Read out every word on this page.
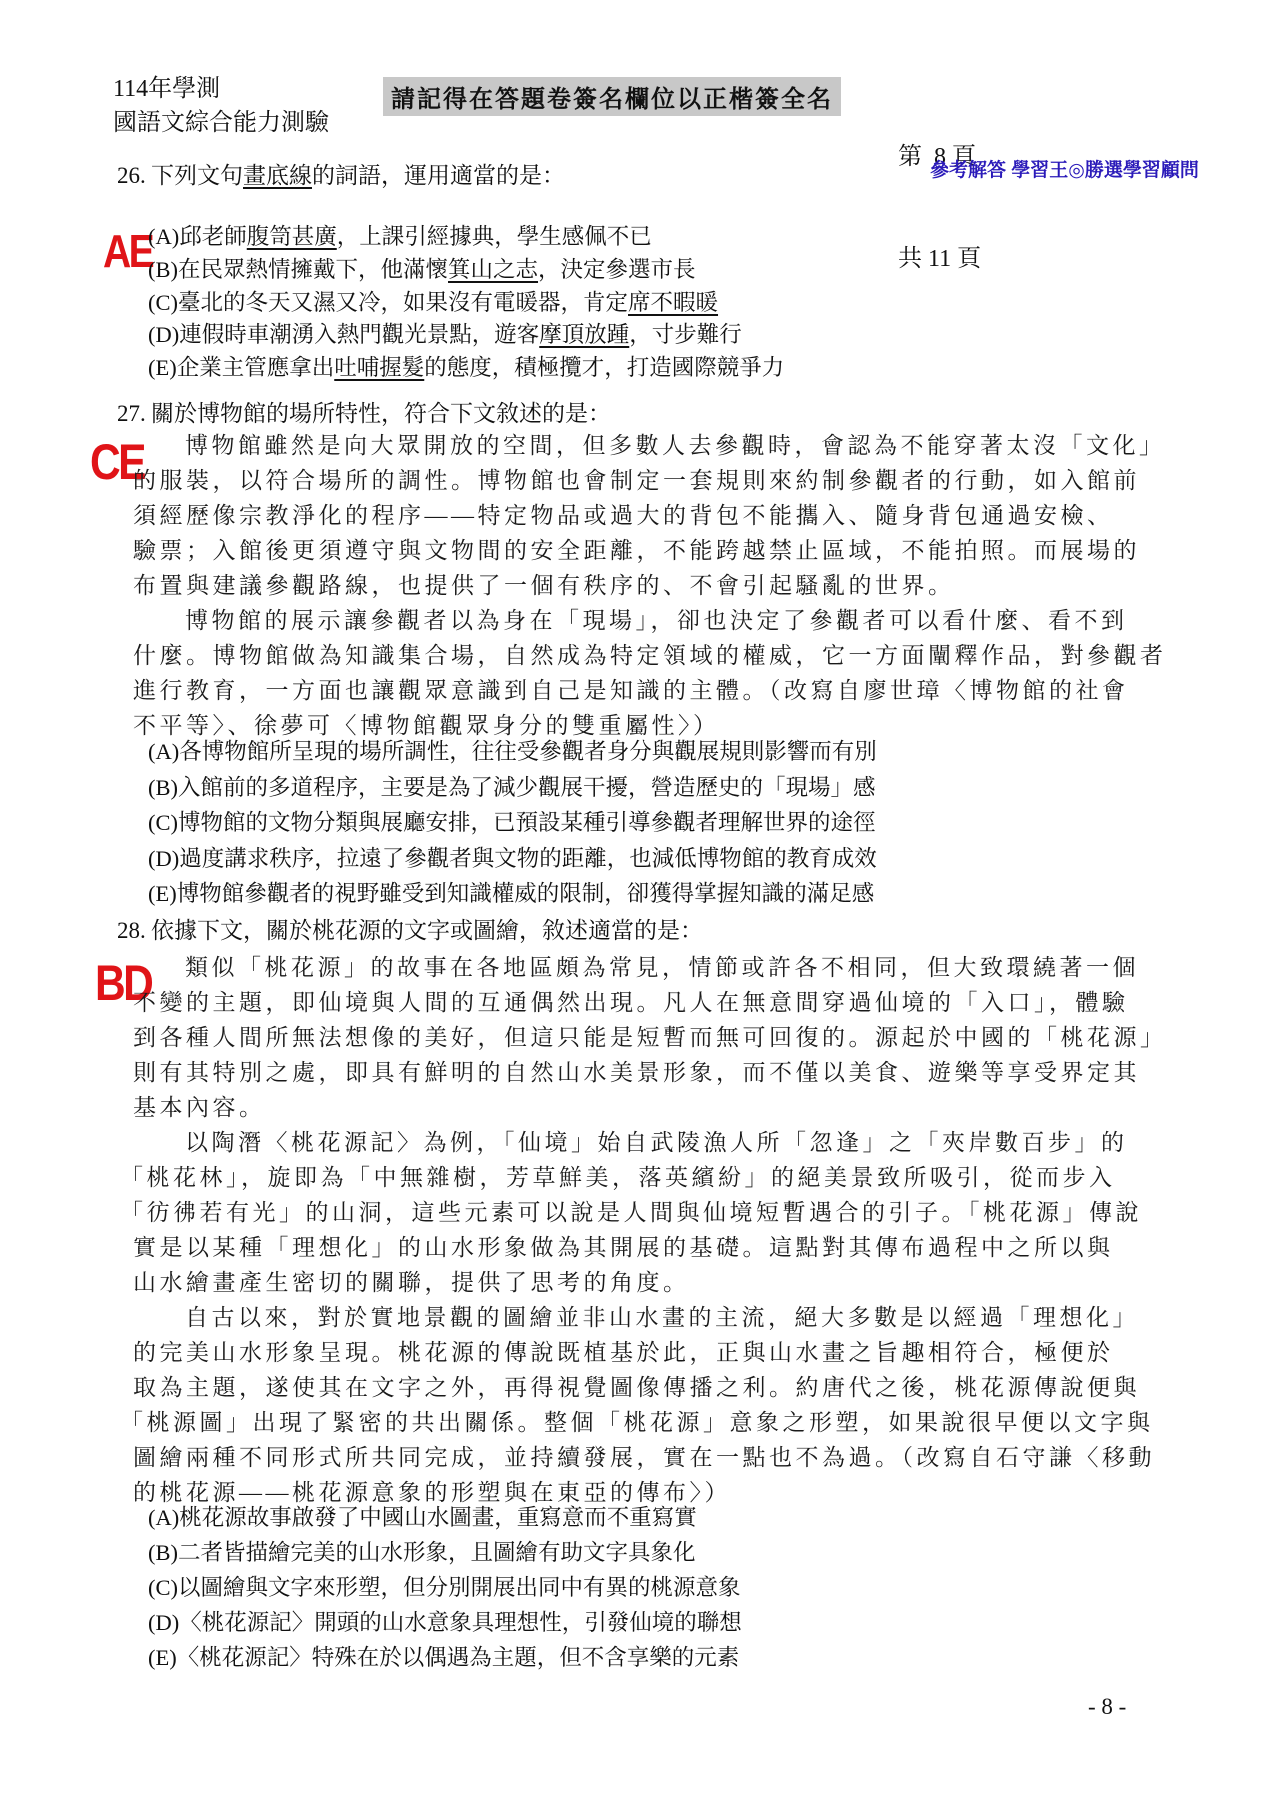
114年學測
國語文綜合能力測驗
請記得在答題卷簽名欄位以正楷簽全名

第  8 頁

共 11 頁

參考解答 學習王◎勝選學習顧問
26. 下列文句畫底線的詞語，運用適當的是：
AE
(A)邱老師腹笥甚廣，上課引經據典，學生感佩不已
(B)在民眾熱情擁戴下，他滿懷箕山之志，決定參選市長
(C)臺北的冬天又濕又冷，如果沒有電暖器，肯定席不暇暖
(D)連假時車潮湧入熱門觀光景點，遊客摩頂放踵，寸步難行
(E)企業主管應拿出吐哺握髮的態度，積極攬才，打造國際競爭力
27. 關於博物館的場所特性，符合下文敘述的是：
CE	博物館雖然是向大眾開放的空間，但多數人去參觀時，會認為不能穿著太沒「文化」
的服裝，以符合場所的調性。博物館也會制定一套規則來約制參觀者的行動，如入館前
須經歷像宗教淨化的程序——特定物品或過大的背包不能攜入、隨身背包通過安檢、
驗票；入館後更須遵守與文物間的安全距離，不能跨越禁止區域，不能拍照。而展場的
布置與建議參觀路線，也提供了一個有秩序的、不會引起騷亂的世界。
博物館的展示讓參觀者以為身在「現場」，卻也決定了參觀者可以看什麼、看不到
什麼。博物館做為知識集合場，自然成為特定領域的權威，它一方面闡釋作品，對參觀者
進行教育，一方面也讓觀眾意識到自己是知識的主體。（改寫自廖世璋〈博物館的社會
不平等〉、徐夢可〈博物館觀眾身分的雙重屬性〉）
(A)各博物館所呈現的場所調性，往往受參觀者身分與觀展規則影響而有別
(B)入館前的多道程序，主要是為了減少觀展干擾，營造歷史的「現場」感
(C)博物館的文物分類與展廳安排，已預設某種引導參觀者理解世界的途徑
(D)過度講求秩序，拉遠了參觀者與文物的距離，也減低博物館的教育成效
(E)博物館參觀者的視野雖受到知識權威的限制，卻獲得掌握知識的滿足感
28. 依據下文，關於桃花源的文字或圖繪，敘述適當的是：
BD	類似「桃花源」的故事在各地區頗為常見，情節或許各不相同，但大致環繞著一個
不變的主題，即仙境與人間的互通偶然出現。凡人在無意間穿過仙境的「入口」，體驗
到各種人間所無法想像的美好，但這只能是短暫而無可回復的。源起於中國的「桃花源」
則有其特別之處，即具有鮮明的自然山水美景形象，而不僅以美食、遊樂等享受界定其
基本內容。
以陶潛〈桃花源記〉為例，「仙境」始自武陵漁人所「忽逢」之「夾岸數百步」的
「桃花林」，旋即為「中無雜樹，芳草鮮美，落英繽紛」的絕美景致所吸引，從而步入
「彷彿若有光」的山洞，這些元素可以說是人間與仙境短暫遇合的引子。「桃花源」傳說
實是以某種「理想化」的山水形象做為其開展的基礎。這點對其傳布過程中之所以與
山水繪畫產生密切的關聯，提供了思考的角度。
自古以來，對於實地景觀的圖繪並非山水畫的主流，絕大多數是以經過「理想化」
的完美山水形象呈現。桃花源的傳說既植基於此，正與山水畫之旨趣相符合，極便於
取為主題，遂使其在文字之外，再得視覺圖像傳播之利。約唐代之後，桃花源傳說便與
「桃源圖」出現了緊密的共出關係。整個「桃花源」意象之形塑，如果說很早便以文字與
圖繪兩種不同形式所共同完成，並持續發展，實在一點也不為過。（改寫自石守謙〈移動
的桃花源——桃花源意象的形塑與在東亞的傳布〉）
(A)桃花源故事啟發了中國山水圖畫，重寫意而不重寫實
(B)二者皆描繪完美的山水形象，且圖繪有助文字具象化
(C)以圖繪與文字來形塑，但分別開展出同中有異的桃源意象
(D)〈桃花源記〉開頭的山水意象具理想性，引發仙境的聯想
(E)〈桃花源記〉特殊在於以偶遇為主題，但不含享樂的元素
- 8 -
